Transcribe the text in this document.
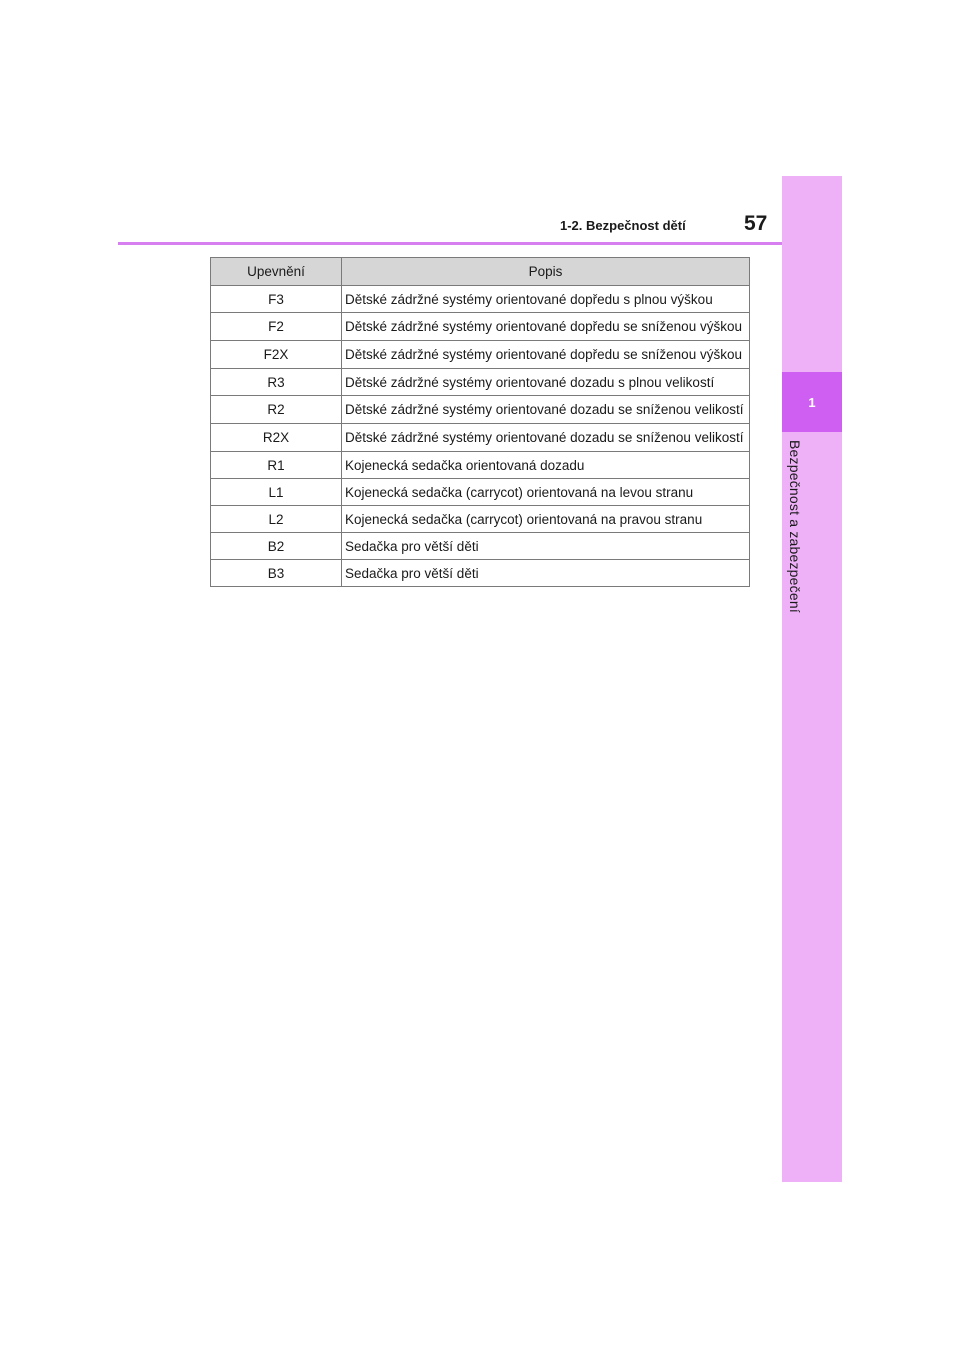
1
Bezpečnost a zabezpečení
1-2. Bezpečnost dětí	57
Upevnění	Popis
F3	Dětské zádržné systémy orientované dopředu s plnou výškou
F2	Dětské zádržné systémy orientované dopředu se sníženou výškou
F2X	Dětské zádržné systémy orientované dopředu se sníženou výškou
R3	Dětské zádržné systémy orientované dozadu s plnou velikostí
R2	Dětské zádržné systémy orientované dozadu se sníženou velikostí
R2X	Dětské zádržné systémy orientované dozadu se sníženou velikostí
R1	Kojenecká sedačka orientovaná dozadu
L1	Kojenecká sedačka (carrycot) orientovaná na levou stranu
L2	Kojenecká sedačka (carrycot) orientovaná na pravou stranu
B2	Sedačka pro větší děti
B3	Sedačka pro větší děti
